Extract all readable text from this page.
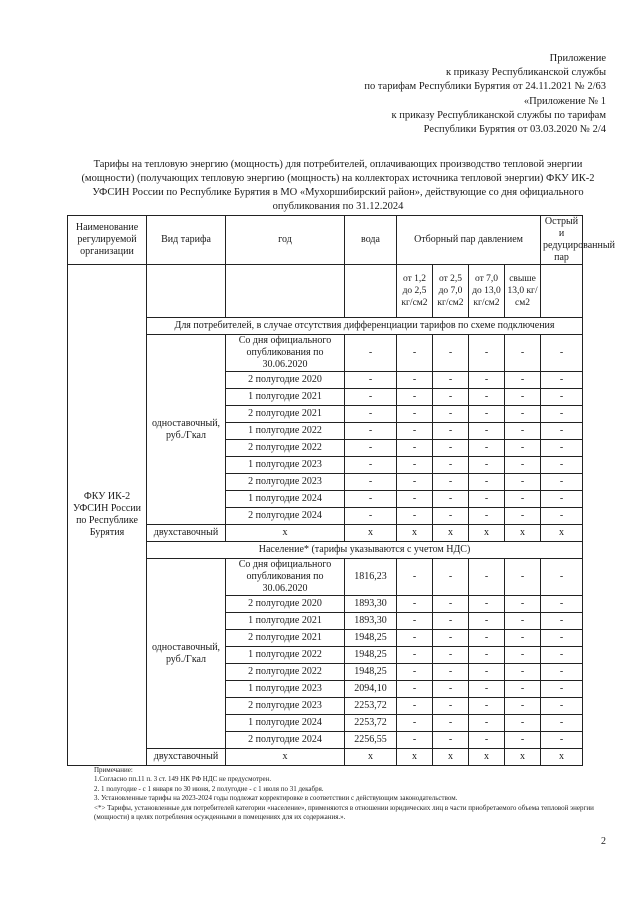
Приложение
к приказу Республиканской службы
по тарифам Республики Бурятия от 24.11.2021 № 2/63
«Приложение № 1
к приказу Республиканской службы по тарифам
Республики Бурятия от 03.03.2020 № 2/4
Тарифы на тепловую энергию (мощность) для потребителей, оплачивающих производство тепловой энергии
(мощности) (получающих тепловую энергию (мощность) на коллекторах источника тепловой энергии) ФКУ ИК-2
УФСИН России по Республике Бурятия в МО «Мухоршибирский район», действующие со дня официального
опубликования по 31.12.2024
Наименование регулируемой организации	Вид тарифа	год	вода	Отборный пар давлением				Острый и редуцированный пар
ФКУ ИК-2 УФСИН России по Республике Бурятия				от 1,2 до 2,5 кг/см2	от 2,5 до 7,0 кг/см2	от 7,0 до 13,0 кг/см2	свыше 13,0 кг/см2	
	Для потребителей, в случае отсутствия дифференциации тарифов по схеме подключения							
	одноставочный, руб./Гкал	Со дня официального опубликования по 30.06.2020	-	-	-	-	-	-
		2 полугодие 2020	-	-	-	-	-	-
		1 полугодие 2021	-	-	-	-	-	-
		2 полугодие 2021	-	-	-	-	-	-
		1 полугодие 2022	-	-	-	-	-	-
		2 полугодие 2022	-	-	-	-	-	-
		1 полугодие 2023	-	-	-	-	-	-
		2 полугодие 2023	-	-	-	-	-	-
		1 полугодие 2024	-	-	-	-	-	-
		2 полугодие 2024	-	-	-	-	-	-
	двухставочный	х	х	х	х	х	х	х
	Население* (тарифы указываются с учетом НДС)							
	одноставочный, руб./Гкал	Со дня официального опубликования по 30.06.2020	1816,23	-	-	-	-	-
		2 полугодие 2020	1893,30	-	-	-	-	-
		1 полугодие 2021	1893,30	-	-	-	-	-
		2 полугодие 2021	1948,25	-	-	-	-	-
		1 полугодие 2022	1948,25	-	-	-	-	-
		2 полугодие 2022	1948,25	-	-	-	-	-
		1 полугодие 2023	2094,10	-	-	-	-	-
		2 полугодие 2023	2253,72	-	-	-	-	-
		1 полугодие 2024	2253,72	-	-	-	-	-
		2 полугодие 2024	2256,55	-	-	-	-	-
	двухставочный	х	х	х	х	х	х	х
Примечание:
1.Согласно пп.11 п. 3 ст. 149 НК РФ НДС не предусмотрен.
2. 1 полугодие - с 1 января по 30 июня, 2 полугодие - с 1 июля по 31 декабря.
3. Установленные тарифы на 2023-2024 годы подлежат корректировке в соответствии с действующим законодательством.
<*> Тарифы, установленные для потребителей категории «население», применяются в отношении юридических лиц в части приобретаемого объема тепловой энергии (мощности) в целях потребления осужденными в помещениях для их содержания.».
2
